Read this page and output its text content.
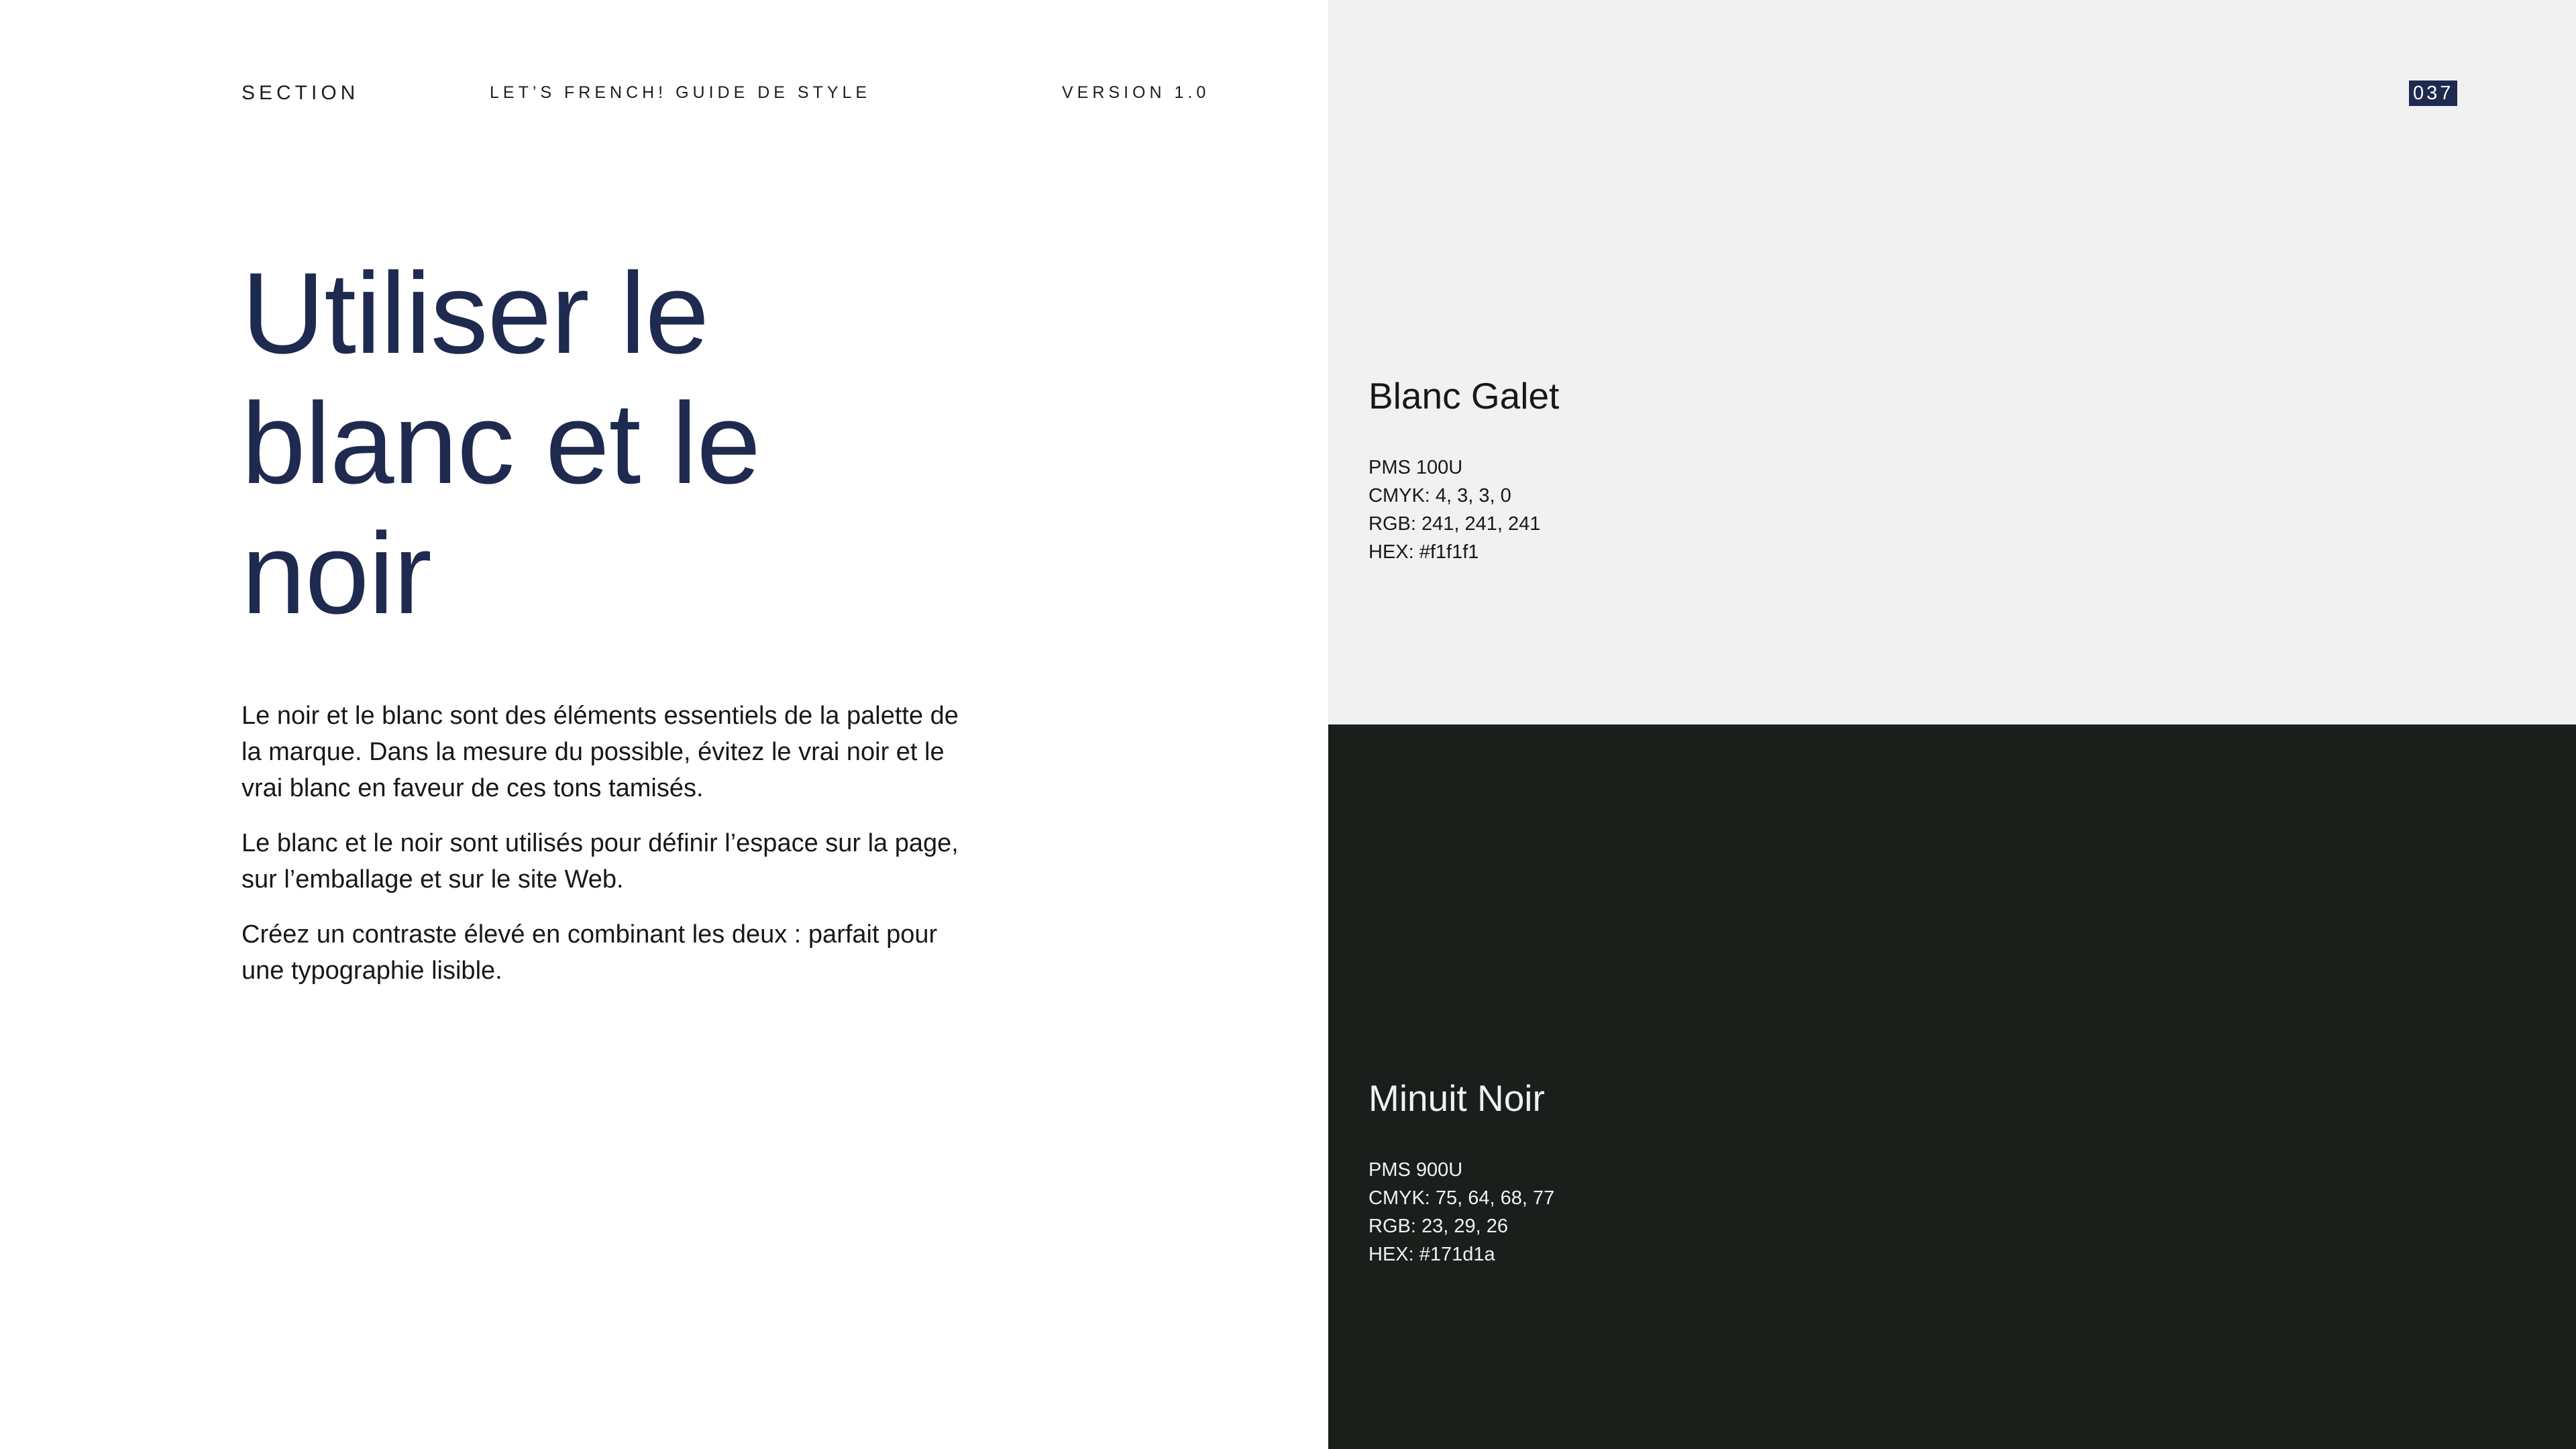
SECTION	LET’S FRENCH! GUIDE DE STYLE	VERSION 1.0
Utiliser le blanc et le noir

Le noir et le blanc sont des éléments essentiels de la palette de la marque. Dans la mesure du possible, évitez le vrai noir et le vrai blanc en faveur de ces tons tamisés.

Le blanc et le noir sont utilisés pour définir l’espace sur la page, sur l’emballage et sur le site Web.

Créez un contraste élevé en combinant les deux : parfait pour une typographie lisible.

037
Blanc Galet
PMS 100U
CMYK: 4, 3, 3, 0
RGB: 241, 241, 241
HEX: #f1f1f1
Minuit Noir
PMS 900U
CMYK: 75, 64, 68, 77
RGB: 23, 29, 26
HEX: #171d1a
